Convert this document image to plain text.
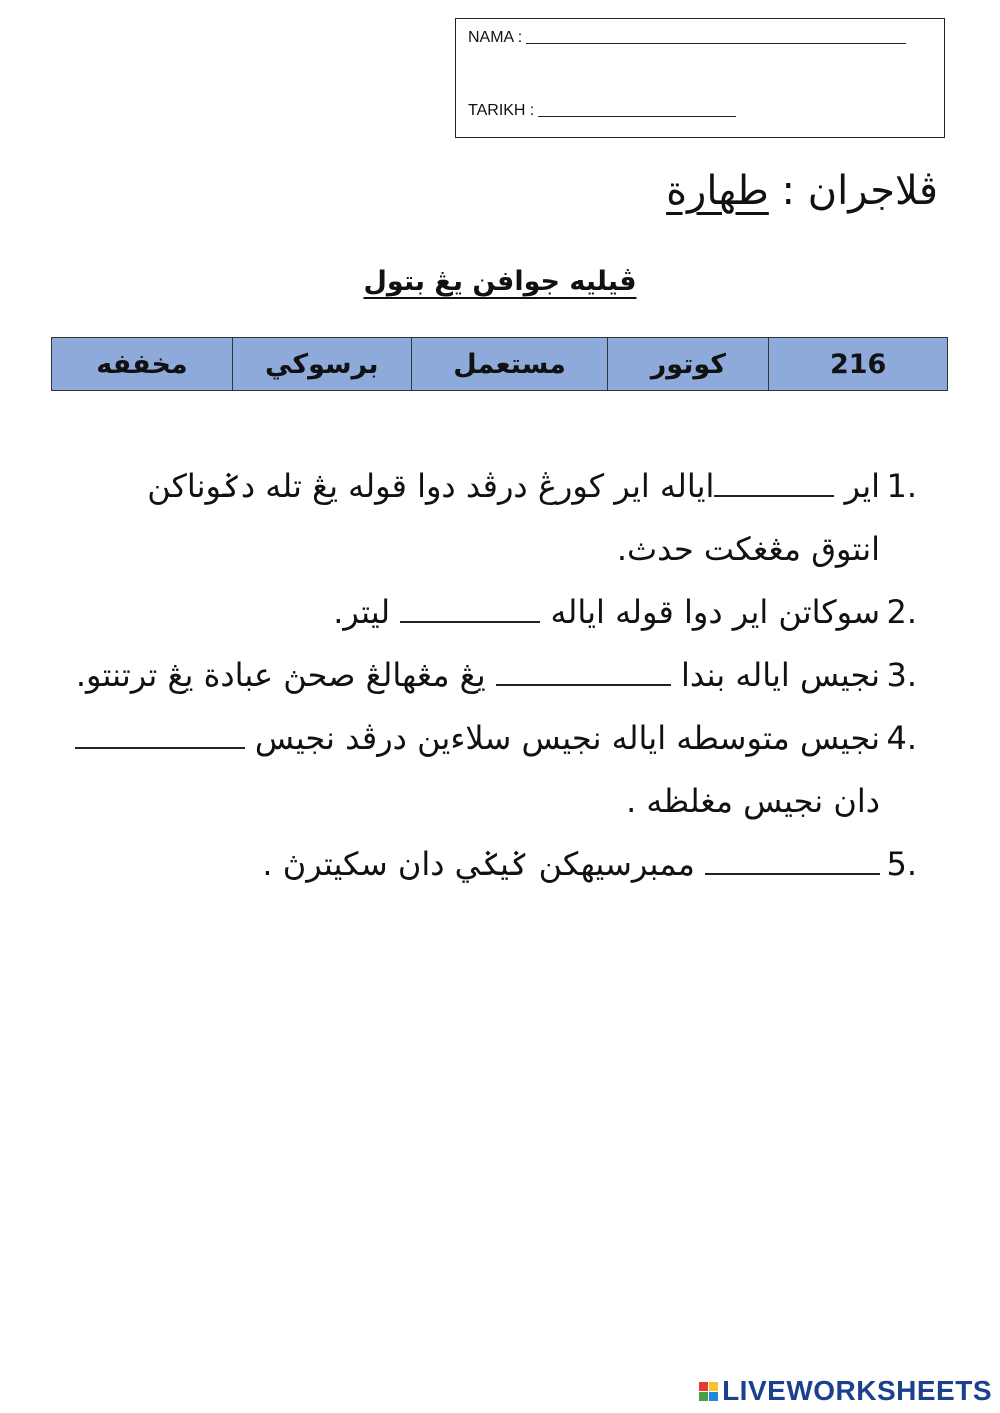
NAMA :
TARIKH :
ڤلاجران : طهارة
ڤيليه جوافن يڠ بتول
216	كوتور	مستعمل	برسوكي	مخففه

1.
اير اياله اير كورڠ درڤد دوا قوله يڠ تله دݢوناكن انتوق مڠغكت حدث.

2.
سوكاتن اير دوا قوله اياله  ليتر.

3.
نجيس اياله بندا  يڠ مڠهالڠ صحڽ عبادة يڠ ترتنتو.

4.
نجيس متوسطه اياله نجيس سلاءين درڤد نجيس  دان نجيس مغلظه .

5.
ممبرسيهكن ݢيݢي دان سكيترڽ .

LIVEWORKSHEETS
